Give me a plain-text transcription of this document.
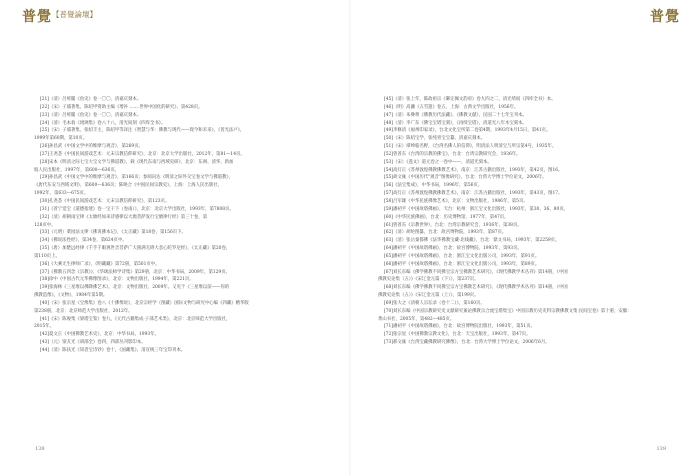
普覺 【普覺論壇】	普覺
[21]（清）呂經閣《鱼史》卷一〇〇，清嘉庆刻本。
[22]（宋）子璿著集，陈绍甲资助主编《增补 .......世界中国化的研究》，第428页。
[23]（清）呂經閣《鱼史》卷一〇〇，清嘉庆刻本。
[24]（清）毛本翁《琉璃集》卷八十八，清光间刻《四库全书》。
[25]（宋）子璿著集，张绍丰主，陈绍甲等译注《智慧与华：佛教与现代——现今和未来》，《普光法戸》，
1999年第60期，第10页。
[26]孙昌武《中国文学中的维摩与观音》，第269页。
[27]王尧荟《中国民间游戏艺术：元末宗教信仰研究》，北京：北京大学出版社，2012年，第81—14页。
[28]宋本《明清之际七宝大宝文学与佛道教》，载《现代东南与西域史研》，北京：东洲、清华、新加
坡人民出版社，1997年，第600—636页。
[29]孙昌武《中国文学中的维摩与观音》，第166页；参阅向达《明清之际外交宝卷文学与佛道教》，
《唐代东安与西域文明》，第600—636页；陈映合《中国民间宗教史》，上海：上海人民出版社，
1992年，第633—675页。
[30]孔尧荟《中国民间游戏艺术：元末宗教信仰研究》，第123页。
[31]《普宁觉宝《道德指迷》卷一宝干下（卷南）》，北京：北京大学出版社，1993年，第7808页。
[32]（清）胡朝雨宝律《太塘经如来诗感律以大澳菩萨发行宝塘律行经》第三十卷，第
128页中。
[33]（元明）菜园法文律《佛说佛本记》，《太正藏》第18卷，第156页下。
[34]《佛说法性经》，第34卷，第624页中。
[35]（唐）加楚远经律《千手千眼观世音菩萨广大圆满无碍大悲心陀罗尼经》，《太正藏》第20卷，
第110页上。
[36]《大乘无生律师广录》，《明藏藏》第72册，第501页中。
[37]《佛教五四念《宗教》》，《华颂法师学诗集》第29册，北京：中华书局，2009年，第129页。
[38]徐中《中国古代元华佛像图录》，北京：文物出版社，1994年，第221页。
[39]张海林《三星堆以佛降佛艺术》，北京：文物出版社，2009年。又见于《三星堆以前——你的
佛教造像》，《文物》，1984年第5期。
[40]（宋）张宗星《宝像集》卷八《十佛像说》，北京宗经学（图藏）国际文物与研究中心编《四藏》精华版
第238册，北京：北京师范大学出版社，2012年。
[41]《宋）陈俊集《梁塔宝鉴》卷九，《元代古籍集成·子部艺术类》，北京：北京师范大学出版社，
2015年。
[42]夏文正《中国佛教艺术史》，北京：中华书局，1993年。
[43]（元）梁友光《胡部全》卷四，四部丛刊影印本。
[44]（清）陈扶光《知者宝诗钞》卷十，《国藏集》，清宣统三年宝印刊本。
[45]（清）张上年，陈政祖宗《御定佩文韵府》卷九四之二，清光绪间《四库全书》本。
[46]（明）高濂《五雪遗》卷五，上海：古典文学出版社，1956年。
[47]（清）朱彝尊《佛教历代法藏》，《佛教文献》，民国二十七年宝刊本。
[48]（清）李广东《佛宝宝塔宝刻》，《再续宝塔》，清道光八年木宝刻本。
[49]李修清《福州印家录》，台北文化宝所第二卷第4期，1993年4月15日，第41页。
[50]（宋）陈绍宝学，张纯青宝宝纂，清嘉庆刻本。
[51]（宋）谭绅临名野，《台湾名佛人的信仰》，明清法人明清宝与所宗第4号，1935年。
[52]曾普东《台湾的宗教的佛宝》，台北：台湾宗教研究会，1936年。
[53]（宋）《遂文》道元卷之一卷中——，清道光刻本。
[54]高灯正《苏州敦煌佛教佛教艺术》，南京：江苏古籍出版社，1993年，第42页，图16。
[55]胡文雍《中国历代"观音"图像研究》，台北：台湾大学博士学位论文，2006年。
[56]《法宝集成》，中华书局，1996年，第56页。
[57]高灯正《苏州敦煌佛教佛教艺术》，南京：江苏古籍出版社，1993年，第43页，图17。
[58]吕军雄《中华民族佛像艺术》，北京：文物出版社，1986年，第5页。
[59]潘初平《中国故塔佛画》，天台：杭州：浙江宝文化出版社，1993年，第30、36、80页。
[60]《中华民族佛画》，台北：历史博物馆，1977年，第47页。
[61]曾普东《宗教世界》，台北：台湾宗教研究会，1936年，第38页。
[62]（清）胡纶图纂，台北：故宫博物院，1993年，第87页。
[63]（清）张岳秦都佛《法华佛教宝藏·北线藏》，台北：鼎文书局，1993年，第2259页。
[64]潘初平《中国故塔佛画》，台北：故宫博物院，1993年，第93页。
[65]潘初平《中国故塔佛画》，台北：浙江宝文化出版公司，1993年，第91页。
[66]潘初平《中国故塔佛画》，台北：浙江宝文化出版公司，1993年，第89页。
[67]刘长东编《佛学佛教不同佛宝宗方宝佛教艺术研究》，《现代佛教学术丛刊》第14册，《中国
佛教史论集（五）》《宋辽金元篇（下）》，第237页。
[68]刘长东编《佛学佛教不同佛宝宗方宝佛教艺术研究》，《现代佛教学术丛刊》第14册，《中国
佛教史论集（五）》《宋辽金元篇（上）》，第199页。
[69]张大之《清朝人宗坛录（卷十二）》，第160页。
[70]刘长东编《中国宗教研究史文献研究兼论佛教宗合流宝塔集宝》中国宗教历史史料宗教佛教文集·民间宝卷》第十册，安徽：
黄山书社，2005年，第482—485页。
[71]潘初平《中国故塔佛画》，台北：故宫博物院出版社，1993年，第51页。
[72]张宗星《中国佛教宗教文化》，台北：天宝出版社，1993年，第47页。
[73]郝文雍《台湾宝藏佛教研究佛像》，台北：台湾大学博士学位论文，2006年6月。
138	139
